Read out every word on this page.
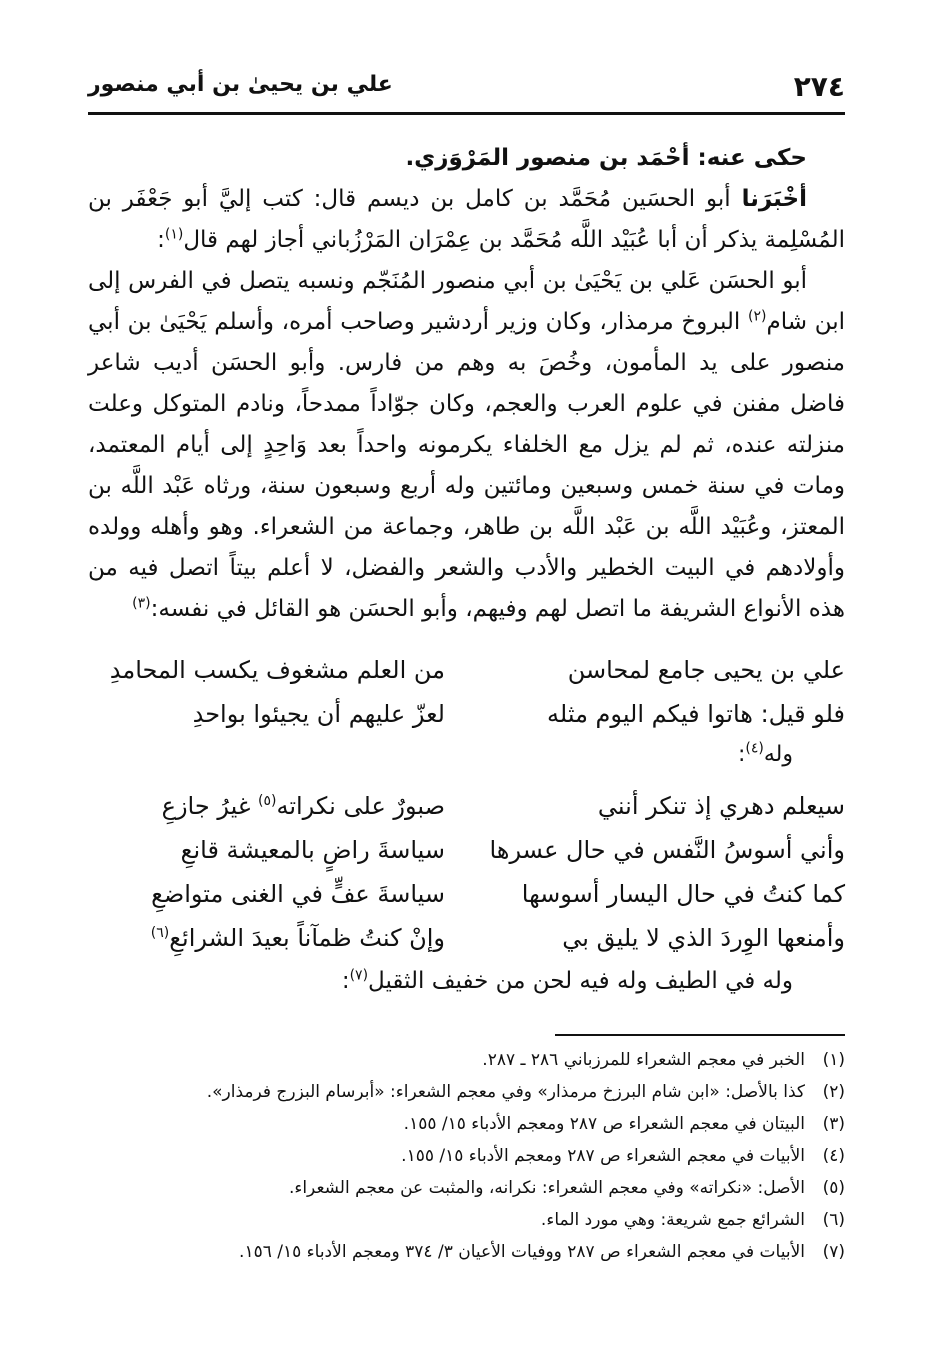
٢٧٤
علي بن يحيىٰ بن أبي منصور

حكى عنه: أحْمَد بن منصور المَرْوَزي.

أخْبَرَنا أبو الحسَين مُحَمَّد بن كامل بن ديسم قال: كتب إليَّ أبو جَعْفَر بن المُسْلِمة يذكر أن أبا عُبَيْد اللَّه مُحَمَّد بن عِمْرَان المَرْزُباني أجاز لهم قال$^{(١)}$:

أبو الحسَن عَلي بن يَحْيَىٰ بن أبي منصور المُنَجّم ونسبه يتصل في الفرس إلى ابن شام$^{(٢)}$ البروخ مرمذار، وكان وزير أردشير وصاحب أمره، وأسلم يَحْيَىٰ بن أبي منصور على يد المأمون، وخُصَ به وهم من فارس. وأبو الحسَن أديب شاعر فاضل مفنن في علوم العرب والعجم، وكان جوّاداً ممدحاً، ونادم المتوكل وعلت منزلته عنده، ثم لم يزل مع الخلفاء يكرمونه واحداً بعد وَاحِدٍ إلى أيام المعتمد، ومات في سنة خمس وسبعين ومائتين وله أربع وسبعون سنة، ورثاه عَبْد اللَّه بن المعتز، وعُبَيْد اللَّه بن عَبْد اللَّه بن طاهر، وجماعة من الشعراء. وهو وأهله وولده وأولادهم في البيت الخطير والأدب والشعر والفضل، لا أعلم بيتاً اتصل فيه من هذه الأنواع الشريفة ما اتصل لهم وفيهم، وأبو الحسَن هو القائل في نفسه:$^{(٣)}$

علي بن يحيى جامع لمحاسن
من العلم مشغوف يكسب المحامدِ
فلو قيل: هاتوا فيكم اليوم مثله
لعزّ عليهم أن يجيئوا بواحدِ
وله$^{(٤)}$:
سيعلم دهري إذ تنكر أنني
صبورٌ على نكراته$^{(٥)}$ غيرُ جازعِ
وأني أسوسُ النَّفس في حال عسرها
سياسةَ راضٍ بالمعيشة قانعِ
كما كنتُ في حال اليسار أسوسها
سياسةَ عفٍّ في الغنى متواضعِ
وأمنعها الوِردَ الذي لا يليق بي
وإنْ كنتُ ظمآناً بعيدَ الشرائعِ$^{(٦)}$
وله في الطيف وله فيه لحن من خفيف الثقيل$^{(٧)}$:
(١)الخبر في معجم الشعراء للمرزباني ٢٨٦ ـ ٢٨٧.
(٢)كذا بالأصل: «ابن شام البرزخ مرمذار» وفي معجم الشعراء: «أبرسام البزرج فرمذار».
(٣)البيتان في معجم الشعراء ص ٢٨٧ ومعجم الأدباء ١٥/ ١٥٥.
(٤)الأبيات في معجم الشعراء ص ٢٨٧ ومعجم الأدباء ١٥/ ١٥٥.
(٥)الأصل: «نكراته» وفي معجم الشعراء: نكرانه، والمثبت عن معجم الشعراء.
(٦)الشرائع جمع شريعة: وهي مورد الماء.
(٧)الأبيات في معجم الشعراء ص ٢٨٧ ووفيات الأعيان ٣/ ٣٧٤ ومعجم الأدباء ١٥/ ١٥٦.
